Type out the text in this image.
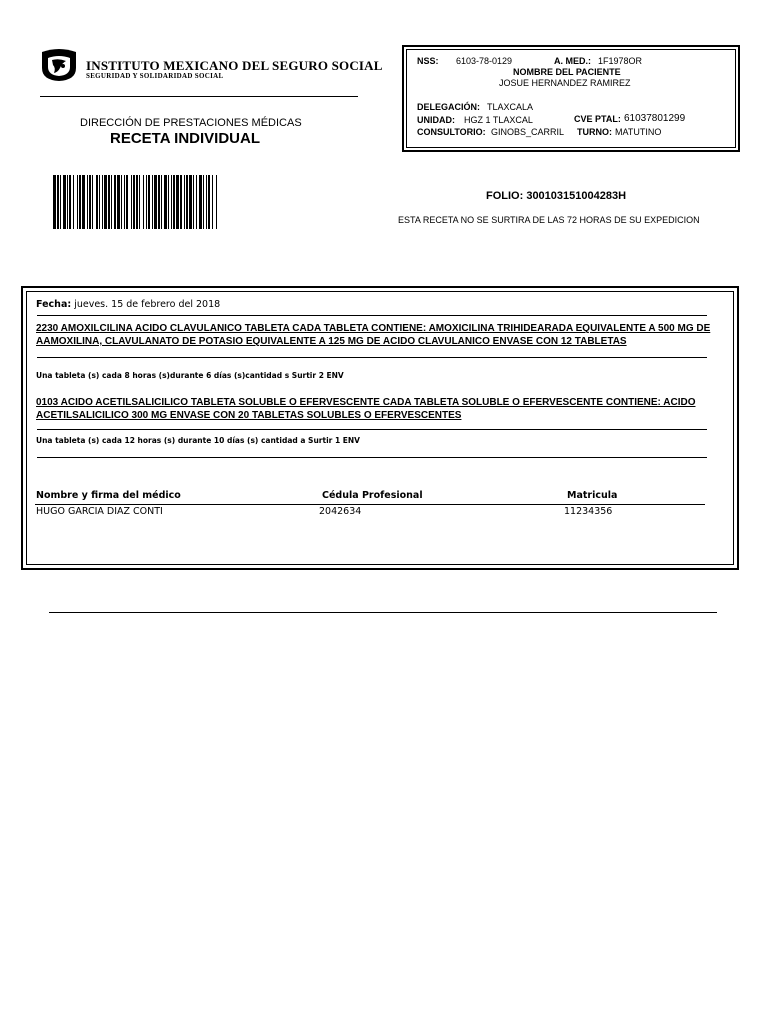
INSTITUTO MEXICANO DEL SEGURO SOCIAL
SEGURIDAD Y SOLIDARIDAD SOCIAL
DIRECCIÓN DE PRESTACIONES MÉDICAS
RECETA INDIVIDUAL
NSS: 6103-78-0129	A. MED.: 1F1978OR
NOMBRE DEL PACIENTE
JOSUE HERNANDEZ RAMIREZ
DELEGACIÓN: TLAXCALA
UNIDAD: HGZ 1 TLAXCAL	CVE PTAL: 61037801299
CONSULTORIO: GINOBS_CARRIL TURNO: MATUTINO
FOLIO: 300103151004283H
ESTA RECETA NO SE SURTIRA DE LAS 72 HORAS DE SU EXPEDICION
Fecha: jueves. 15 de febrero del 2018
2230 AMOXILCILINA ACIDO CLAVULANICO TABLETA CADA TABLETA CONTIENE: AMOXICILINA TRIHIDEARADA EQUIVALENTE A 500 MG DE AAMOXILINA, CLAVULANATO DE POTASIO EQUIVALENTE A 125 MG DE ACIDO CLAVULANICO ENVASE CON 12 TABLETAS
Una tableta (s) cada 8 horas (s)durante 6 días (s)cantidad s Surtir 2 ENV
0103 ACIDO ACETILSALICILICO TABLETA SOLUBLE O EFERVESCENTE CADA TABLETA SOLUBLE O EFERVESCENTE CONTIENE: ACIDO ACETILSALICILICO 300 MG ENVASE CON 20 TABLETAS SOLUBLES O EFERVESCENTES
Una tableta (s) cada 12 horas (s) durante 10 días (s) cantidad a Surtir 1 ENV
Nombre y firma del médico	Cédula Profesional	Matricula
HUGO GARCIA DIAZ CONTI	2042634	11234356
